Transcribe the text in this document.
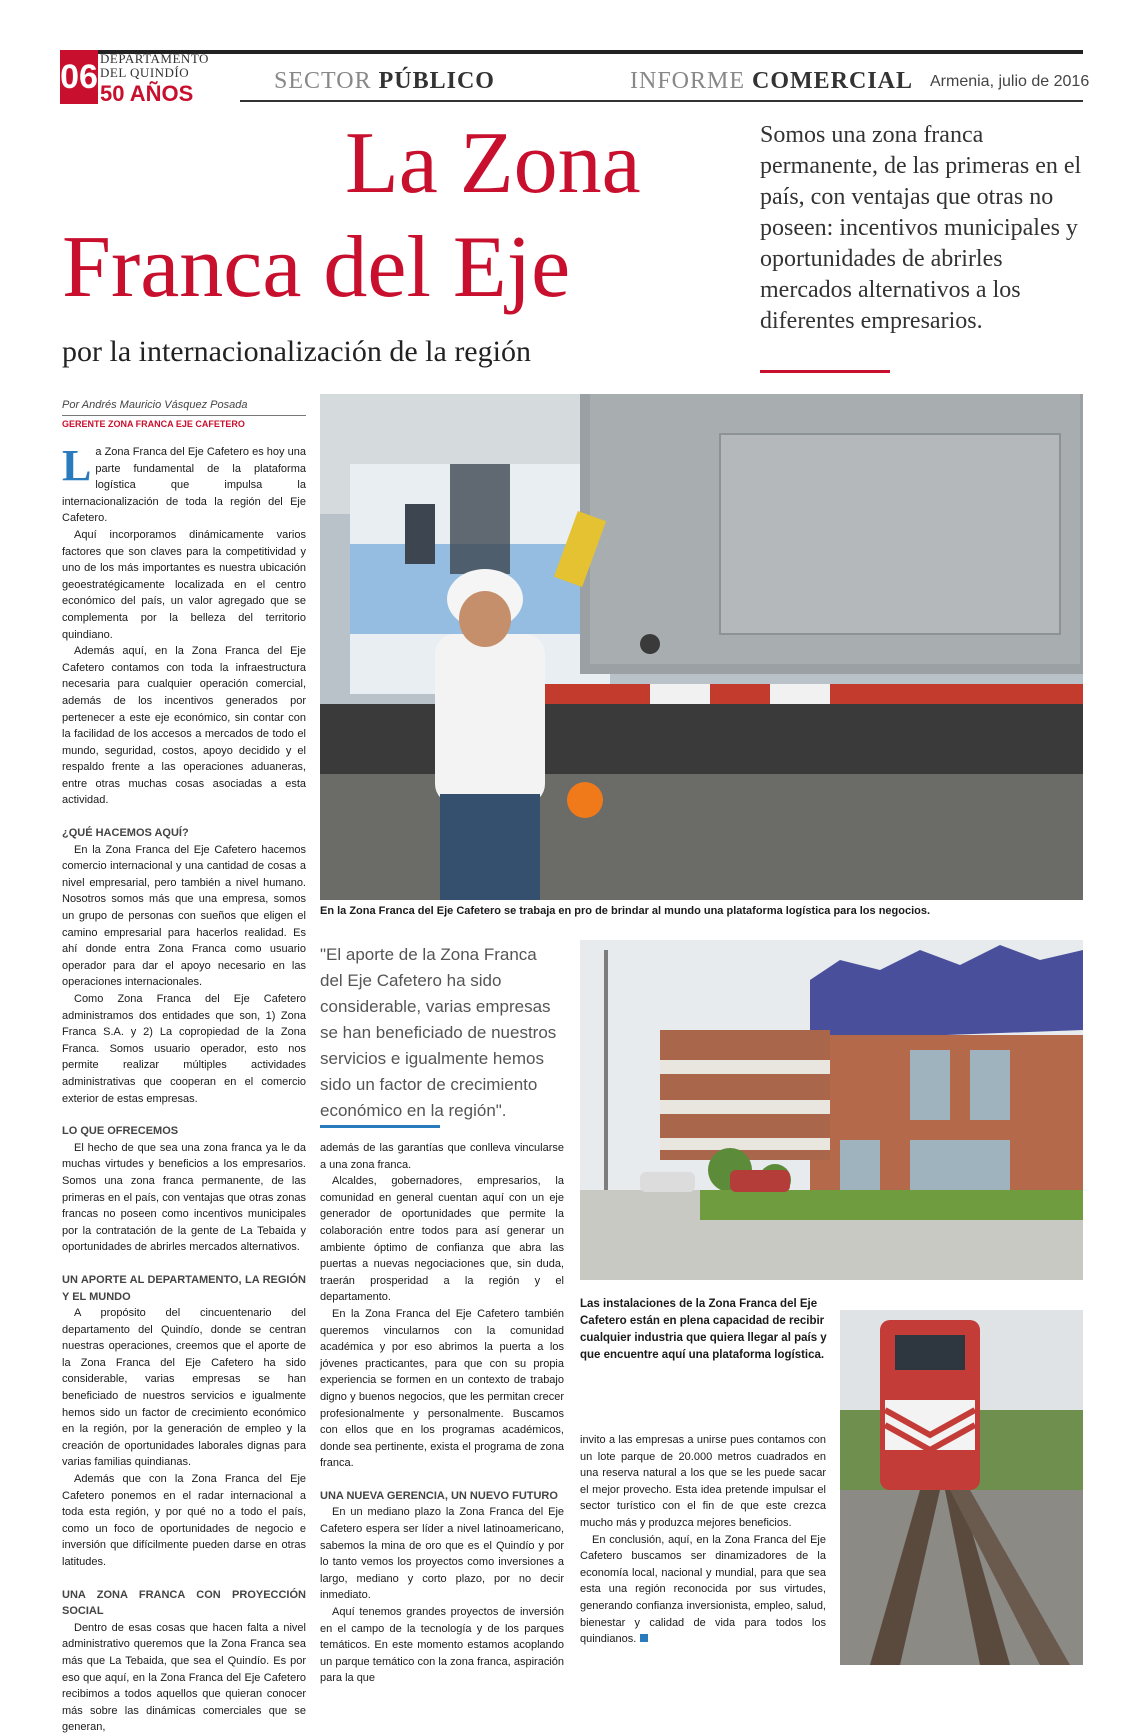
06 DEPARTAMENTO
DEL QUINDÍO
50 AÑOS	SECTOR PÚBLICO	INFORME COMERCIAL Armenia, julio de 2016
La Zona
Franca del Eje
por la internacionalización de la región
Somos una zona franca permanente, de las primeras en el país, con ventajas que otras no poseen: incentivos municipales y oportunidades de abrirles mercados alternativos a los diferentes empresarios.
Por Andrés Mauricio Vásquez Posada
GERENTE ZONA FRANCA EJE CAFETERO

La Zona Franca del Eje Cafetero es hoy una parte fundamental de la plataforma logística que impulsa la internacionalización de toda la región del Eje Cafetero.

Aquí incorporamos dinámicamente varios factores que son claves para la competitividad y uno de los más importantes es nuestra ubicación geoestratégicamente localizada en el centro económico del país, un valor agregado que se complementa por la belleza del territorio quindiano.

Además aquí, en la Zona Franca del Eje Cafetero contamos con toda la infraestructura necesaria para cualquier operación comercial, además de los incentivos generados por pertenecer a este eje económico, sin contar con la facilidad de los accesos a mercados de todo el mundo, seguridad, costos, apoyo decidido y el respaldo frente a las operaciones aduaneras, entre otras muchas cosas asociadas a esta actividad.

¿QUÉ HACEMOS AQUÍ?

En la Zona Franca del Eje Cafetero hacemos comercio internacional y una cantidad de cosas a nivel empresarial, pero también a nivel humano. Nosotros somos más que una empresa, somos un grupo de personas con sueños que eligen el camino empresarial para hacerlos realidad. Es ahí donde entra Zona Franca como usuario operador para dar el apoyo necesario en las operaciones internacionales.

Como Zona Franca del Eje Cafetero administramos dos entidades que son, 1) Zona Franca S.A. y 2) La copropiedad de la Zona Franca. Somos usuario operador, esto nos permite realizar múltiples actividades administrativas que cooperan en el comercio exterior de estas empresas.

LO QUE OFRECEMOS

El hecho de que sea una zona franca ya le da muchas virtudes y beneficios a los empresarios. Somos una zona franca permanente, de las primeras en el país, con ventajas que otras zonas francas no poseen como incentivos municipales por la contratación de la gente de La Tebaida y oportunidades de abrirles mercados alternativos.

UN APORTE AL DEPARTAMENTO, LA REGIÓN Y EL MUNDO

A propósito del cincuentenario del departamento del Quindío, donde se centran nuestras operaciones, creemos que el aporte de la Zona Franca del Eje Cafetero ha sido considerable, varias empresas se han beneficiado de nuestros servicios e igualmente hemos sido un factor de crecimiento económico en la región, por la generación de empleo y la creación de oportunidades laborales dignas para varias familias quindianas.

Además que con la Zona Franca del Eje Cafetero ponemos en el radar internacional a toda esta región, y por qué no a todo el país, como un foco de oportunidades de negocio e inversión que difícilmente pueden darse en otras latitudes.

UNA ZONA FRANCA CON PROYECCIÓN SOCIAL

Dentro de esas cosas que hacen falta a nivel administrativo queremos que la Zona Franca sea más que La Tebaida, que sea el Quindío. Es por eso que aquí, en la Zona Franca del Eje Cafetero recibimos a todos aquellos que quieran conocer más sobre las dinámicas comerciales que se generan,

En la Zona Franca del Eje Cafetero se trabaja en pro de brindar al mundo una plataforma logística para los negocios.
"El aporte de la Zona Franca del Eje Cafetero ha sido considerable, varias empresas se han beneficiado de nuestros servicios e igualmente hemos sido un factor de crecimiento económico en la región".

además de las garantías que conlleva vincularse a una zona franca.

Alcaldes, gobernadores, empresarios, la comunidad en general cuentan aquí con un eje generador de oportunidades que permite la colaboración entre todos para así generar un ambiente óptimo de confianza que abra las puertas a nuevas negociaciones que, sin duda, traerán prosperidad a la región y el departamento.

En la Zona Franca del Eje Cafetero también queremos vincularnos con la comunidad académica y por eso abrimos la puerta a los jóvenes practicantes, para que con su propia experiencia se formen en un contexto de trabajo digno y buenos negocios, que les permitan crecer profesionalmente y personalmente. Buscamos con ellos que en los programas académicos, donde sea pertinente, exista el programa de zona franca.

UNA NUEVA GERENCIA, UN NUEVO FUTURO

En un mediano plazo la Zona Franca del Eje Cafetero espera ser líder a nivel latinoamericano, sabemos la mina de oro que es el Quindío y por lo tanto vemos los proyectos como inversiones a largo, mediano y corto plazo, por no decir inmediato.

Aquí tenemos grandes proyectos de inversión en el campo de la tecnología y de los parques temáticos. En este momento estamos acoplando un parque temático con la zona franca, aspiración para la que

Las instalaciones de la Zona Franca del Eje Cafetero están en plena capacidad de recibir cualquier industria que quiera llegar al país y que encuentre aquí una plataforma logística.

invito a las empresas a unirse pues contamos con un lote parque de 20.000 metros cuadrados en una reserva natural a los que se les puede sacar el mejor provecho. Esta idea pretende impulsar el sector turístico con el fin de que este crezca mucho más y produzca mejores beneficios.

En conclusión, aquí, en la Zona Franca del Eje Cafetero buscamos ser dinamizadores de la economía local, nacional y mundial, para que sea esta una región reconocida por sus virtudes, generando confianza inversionista, empleo, salud, bienestar y calidad de vida para todos los quindianos.
